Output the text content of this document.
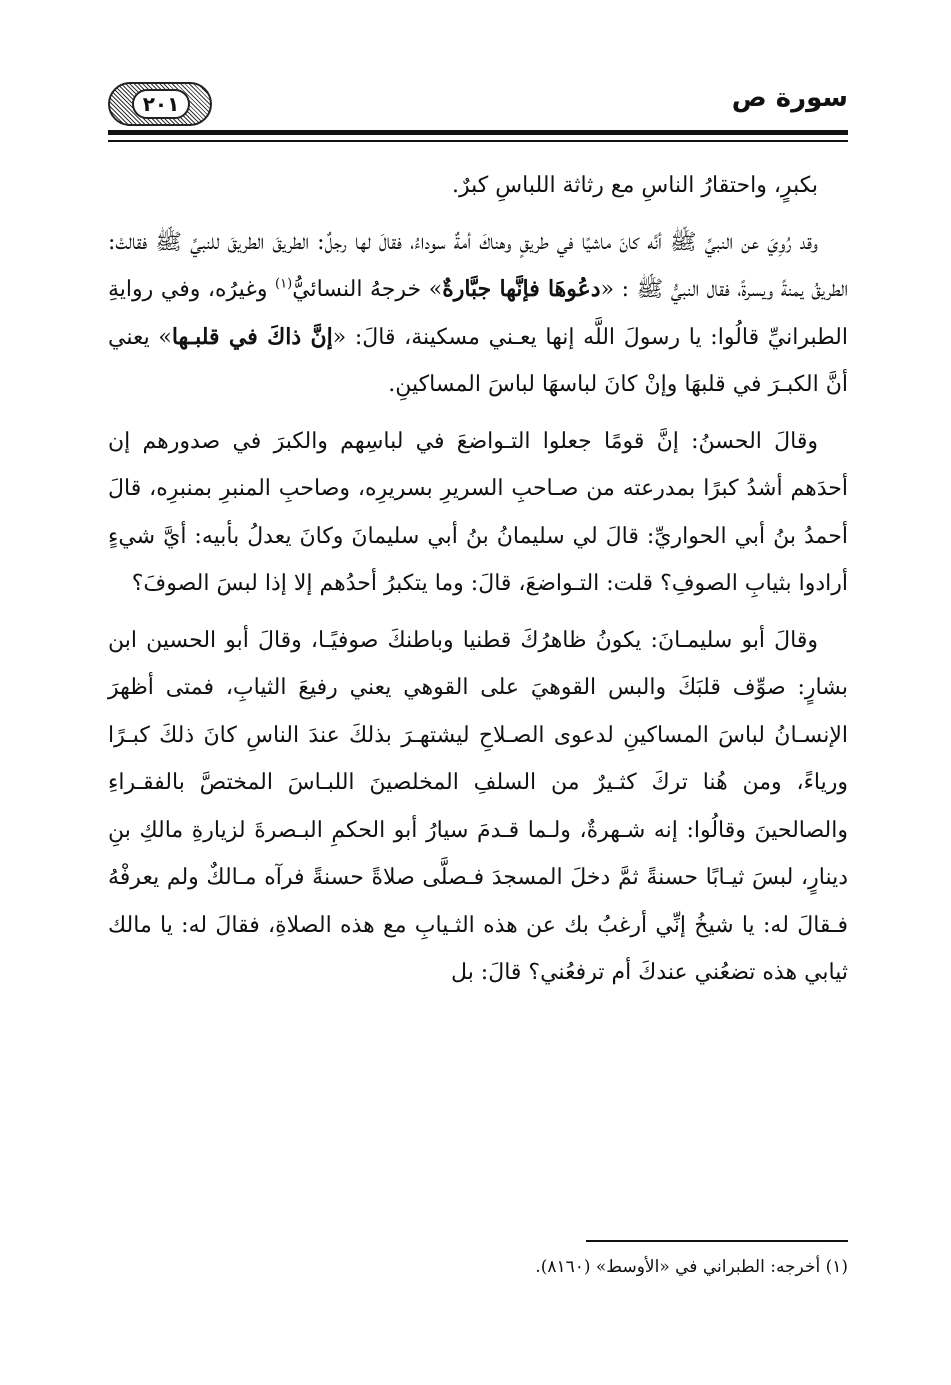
٢٠١	سورة ص

بكبرٍ، واحتقارُ الناسِ مع رثاثة اللباسِ كبرٌ.

وقد رُوِيَ عن النبيِّ ﷺ أنَّه كانَ ماشيًا في طريقٍ وهناكَ أمةٌ سوداءُ، فقالَ لها رجلٌ: الطريقَ الطريقَ للنبيِّ ﷺ فقالتْ: الطريقُ يمنةً ويسرةً، فقال النبيُّ ﷺ : «دعُوهَا فإنَّها جبَّارةٌ» خرجهُ النسائيُّ$^{(١)}$ وغيرُه، وفي روايةِ الطبرانيِّ قالُوا: يا رسولَ اللَّه إنها يعـني مسكينة، قالَ: «إنَّ ذاكَ في قلبـها» يعني أنَّ الكبـرَ في قلبهَا وإنْ كانَ لباسهَا لباسَ المساكينِ.

وقالَ الحسنُ: إنَّ قومًا جعلوا التـواضعَ في لباسِهم والكبرَ في صدورهم إن أحدَهم أشدُ كبرًا بمدرعته من صـاحبِ السريرِ بسريرِه، وصاحبِ المنبرِ بمنبرِه، قالَ أحمدُ بنُ أبي الحواريِّ: قالَ لي سليمانُ بنُ أبي سليمانَ وكانَ يعدلُ بأبيه: أيَّ شيءٍ أرادوا بثيابِ الصوفِ؟ قلت: التـواضعَ، قالَ: وما يتكبرُ أحدُهم إلا إذا لبسَ الصوفَ؟

وقالَ أبو سليمـانَ: يكونُ ظاهرُكَ قطنيا وباطنكَ صوفيًـا، وقالَ أبو الحسين ابن بشارٍ: صوِّف قلبَكَ والبس القوهيَ على القوهي يعني رفيعَ الثيابِ، فمتى أظهرَ الإنسـانُ لباسَ المساكينِ لدعوى الصـلاحِ ليشتهـرَ بذلكَ عندَ الناسِ كانَ ذلكَ كبـرًا ورياءً، ومن هُنا تركَ كثـيرٌ من السلفِ المخلصينَ اللبـاسَ المختصَّ بالفقـراءِ والصالحينَ وقالُوا: إنه شـهرةٌ، ولـما قـدمَ سيارُ أبو الحكمِ البـصرةَ لزيارةِ مالكِ بنِ دينارٍ، لبسَ ثيـابًا حسنةً ثمَّ دخلَ المسجدَ فـصلَّى صلاةً حسنةً فرآه مـالكٌ ولم يعرفْهُ فـقالَ له: يا شيخُ إنِّي أرغبُ بك عن هذه الثـيابِ مع هذه الصلاةِ، فقالَ له: يا مالك ثيابي هذه تضعُني عندكَ أم ترفعُني؟ قالَ: بل

(١) أخرجه: الطبراني في «الأوسط» (٨١٦٠).
